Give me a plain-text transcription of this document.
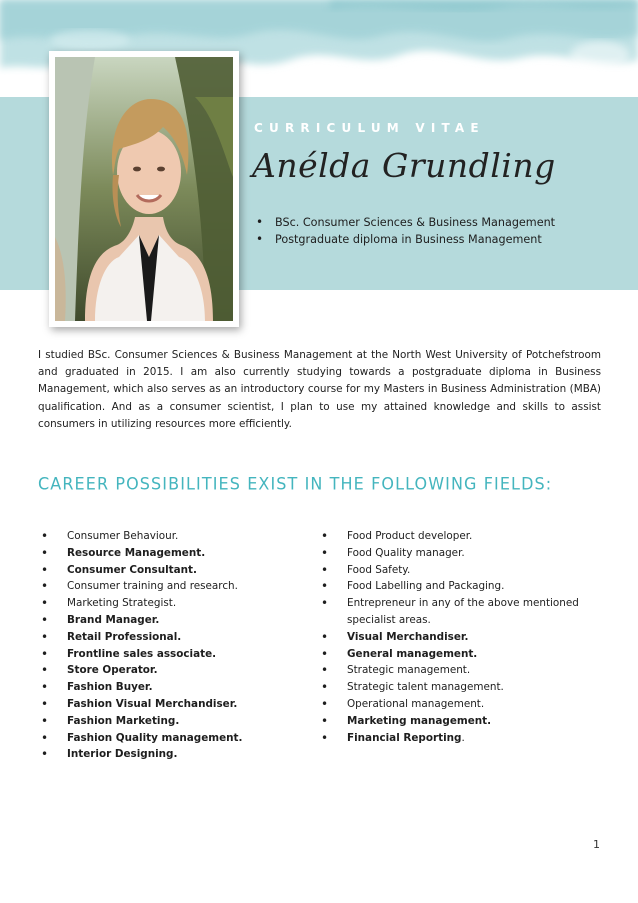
CURRICULUM VITAE
Anélda Grundling
• BSc. Consumer Sciences & Business Management
• Postgraduate diploma in Business Management
I studied BSc. Consumer Sciences & Business Management at the North West University of Potchefstroom and graduated in 2015. I am also currently studying towards a postgraduate diploma in Business Management, which also serves as an introductory course for my Masters in Business Administration (MBA) qualification. And as a consumer scientist, I plan to use my attained knowledge and skills to assist consumers in utilizing resources more efficiently.
CAREER POSSIBILITIES EXIST IN THE FOLLOWING FIELDS:
• Consumer Behaviour.
• Resource Management.
• Consumer Consultant.
• Consumer training and research.
• Marketing Strategist.
• Brand Manager.
• Retail Professional.
• Frontline sales associate.
• Store Operator.
• Fashion Buyer.
• Fashion Visual Merchandiser.
• Fashion Marketing.
• Fashion Quality management.
• Interior Designing.
• Food Product developer.
• Food Quality manager.
• Food Safety.
• Food Labelling and Packaging.
• Entrepreneur in any of the above mentioned specialist areas.
• Visual Merchandiser.
• General management.
• Strategic management.
• Strategic talent management.
• Operational management.
• Marketing management.
• Financial Reporting.
1
